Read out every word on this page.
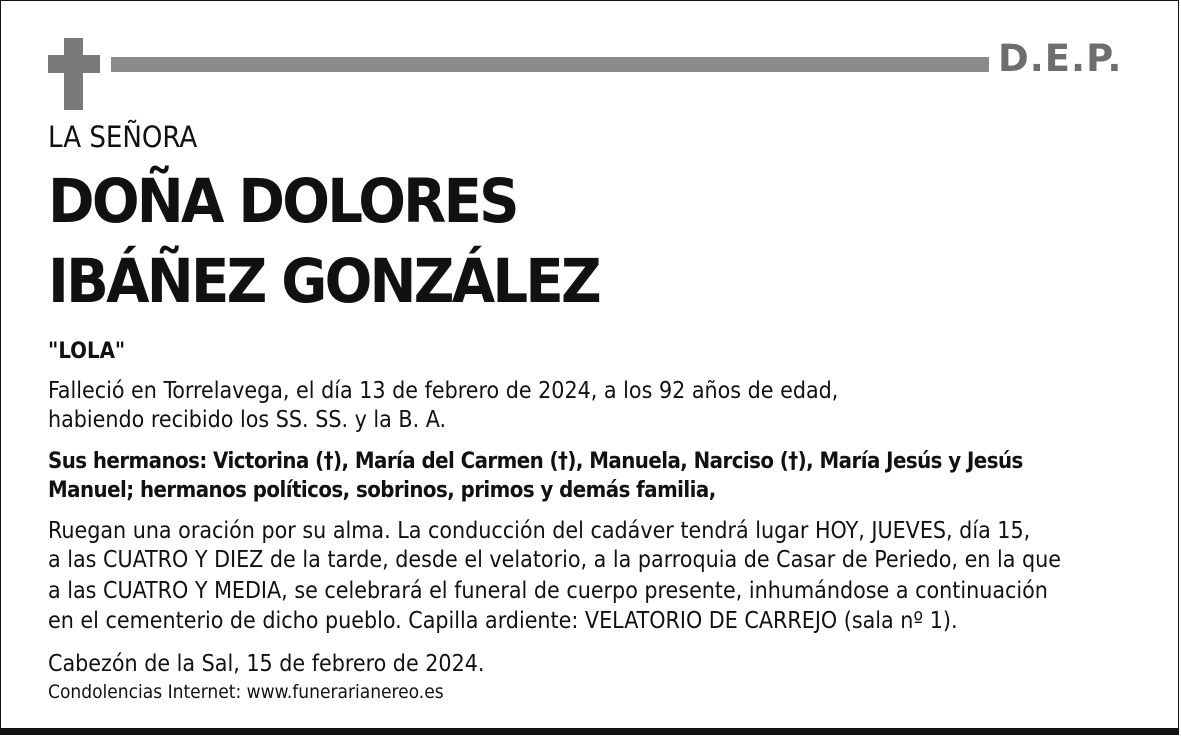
D.E.P.
LA SEÑORA
DOÑA DOLORES
IBÁÑEZ GONZÁLEZ
"LOLA"
Falleció en Torrelavega, el día 13 de febrero de 2024, a los 92 años de edad,
habiendo recibido los SS. SS. y la B. A.
Sus hermanos: Victorina (†), María del Carmen (†), Manuela, Narciso (†), María Jesús y Jesús
Manuel; hermanos políticos, sobrinos, primos y demás familia,
Ruegan una oración por su alma. La conducción del cadáver tendrá lugar HOY, JUEVES, día 15,
a las CUATRO Y DIEZ de la tarde, desde el velatorio, a la parroquia de Casar de Periedo, en la que
a las CUATRO Y MEDIA, se celebrará el funeral de cuerpo presente, inhumándose a continuación
en el cementerio de dicho pueblo. Capilla ardiente: VELATORIO DE CARREJO (sala nº 1).
Cabezón de la Sal, 15 de febrero de 2024.
Condolencias Internet: www.funerarianereo.es
